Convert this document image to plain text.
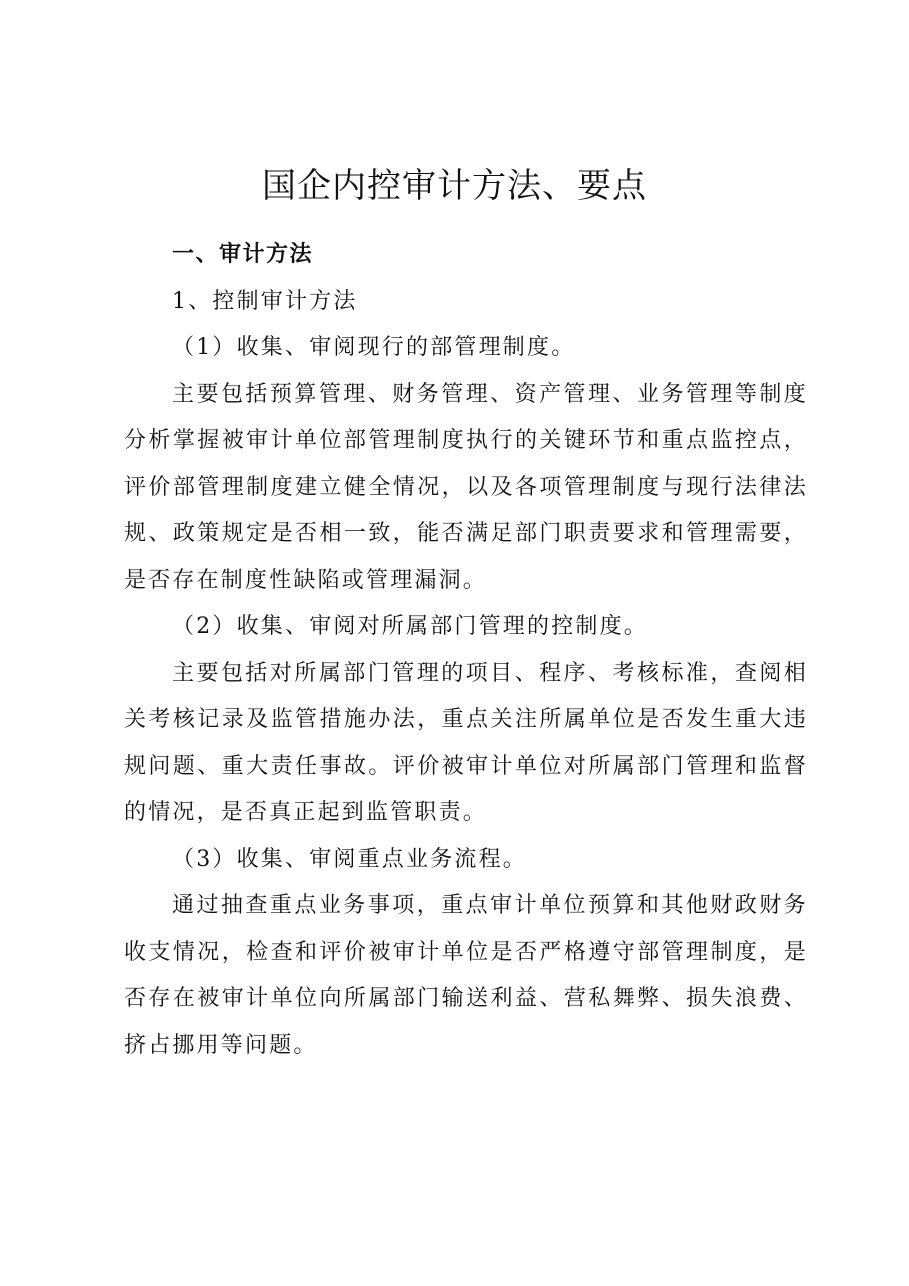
国企内控审计方法、要点

一、审计方法

1、控制审计方法

（1）收集、审阅现行的部管理制度。

主要包括预算管理、财务管理、资产管理、业务管理等制度分析掌握被审计单位部管理制度执行的关键环节和重点监控点，评价部管理制度建立健全情况，以及各项管理制度与现行法律法规、政策规定是否相一致，能否满足部门职责要求和管理需要，是否存在制度性缺陷或管理漏洞。

（2）收集、审阅对所属部门管理的控制度。

主要包括对所属部门管理的项目、程序、考核标准，查阅相关考核记录及监管措施办法，重点关注所属单位是否发生重大违规问题、重大责任事故。评价被审计单位对所属部门管理和监督的情况，是否真正起到监管职责。

（3）收集、审阅重点业务流程。

通过抽查重点业务事项，重点审计单位预算和其他财政财务收支情况，检查和评价被审计单位是否严格遵守部管理制度，是否存在被审计单位向所属部门输送利益、营私舞弊、损失浪费、挤占挪用等问题。
